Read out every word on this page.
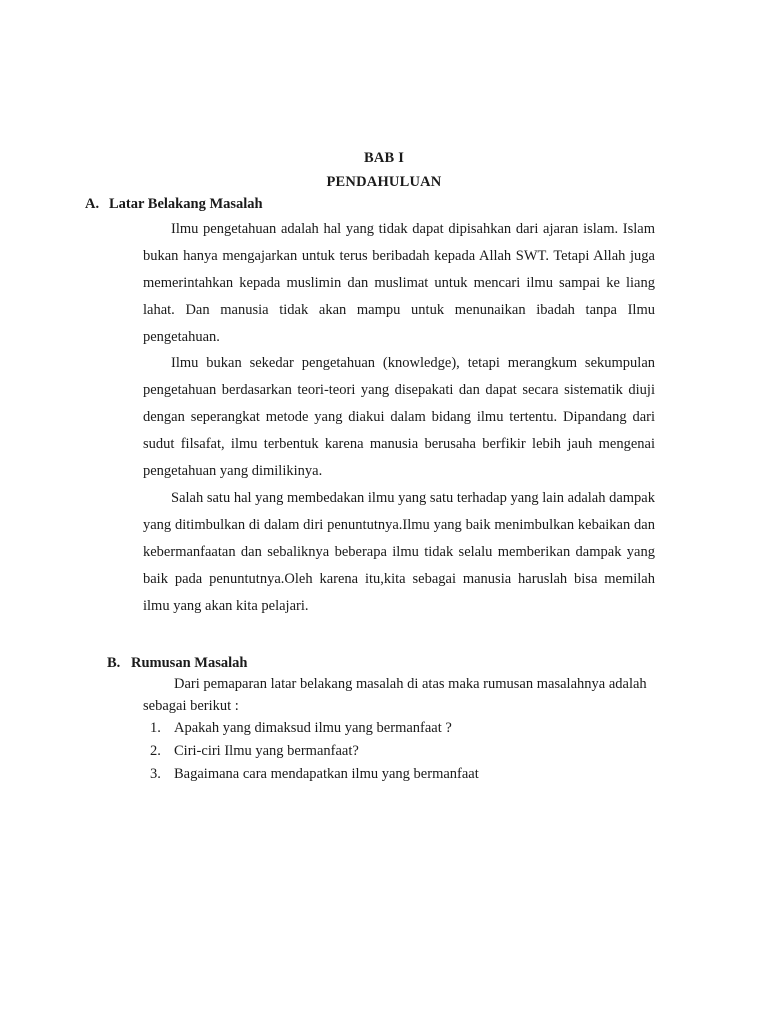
BAB I
PENDAHULUAN
A. Latar Belakang Masalah

Ilmu pengetahuan adalah hal yang tidak dapat dipisahkan dari ajaran islam. Islam bukan hanya mengajarkan untuk terus beribadah kepada Allah SWT. Tetapi Allah juga memerintahkan kepada muslimin dan muslimat untuk mencari ilmu sampai ke liang lahat. Dan manusia tidak akan mampu untuk menunaikan ibadah tanpa Ilmu pengetahuan.

Ilmu bukan sekedar pengetahuan (knowledge), tetapi merangkum sekumpulan pengetahuan berdasarkan teori-teori yang disepakati dan dapat secara sistematik diuji dengan seperangkat metode yang diakui dalam bidang ilmu tertentu. Dipandang dari sudut filsafat, ilmu terbentuk karena manusia berusaha berfikir lebih jauh mengenai pengetahuan yang dimilikinya.

Salah satu hal yang membedakan ilmu yang satu terhadap yang lain adalah dampak yang ditimbulkan di dalam diri penuntutnya.Ilmu yang baik menimbulkan kebaikan dan kebermanfaatan dan sebaliknya beberapa ilmu tidak selalu memberikan dampak yang baik pada penuntutnya.Oleh karena itu,kita sebagai manusia haruslah bisa memilah ilmu yang akan kita pelajari.

B. Rumusan Masalah

Dari pemaparan latar belakang masalah di atas maka rumusan masalahnya adalah sebagai berikut :

1. Apakah yang dimaksud ilmu yang bermanfaat ?
2. Ciri-ciri Ilmu yang bermanfaat?
3. Bagaimana cara mendapatkan ilmu yang bermanfaat
